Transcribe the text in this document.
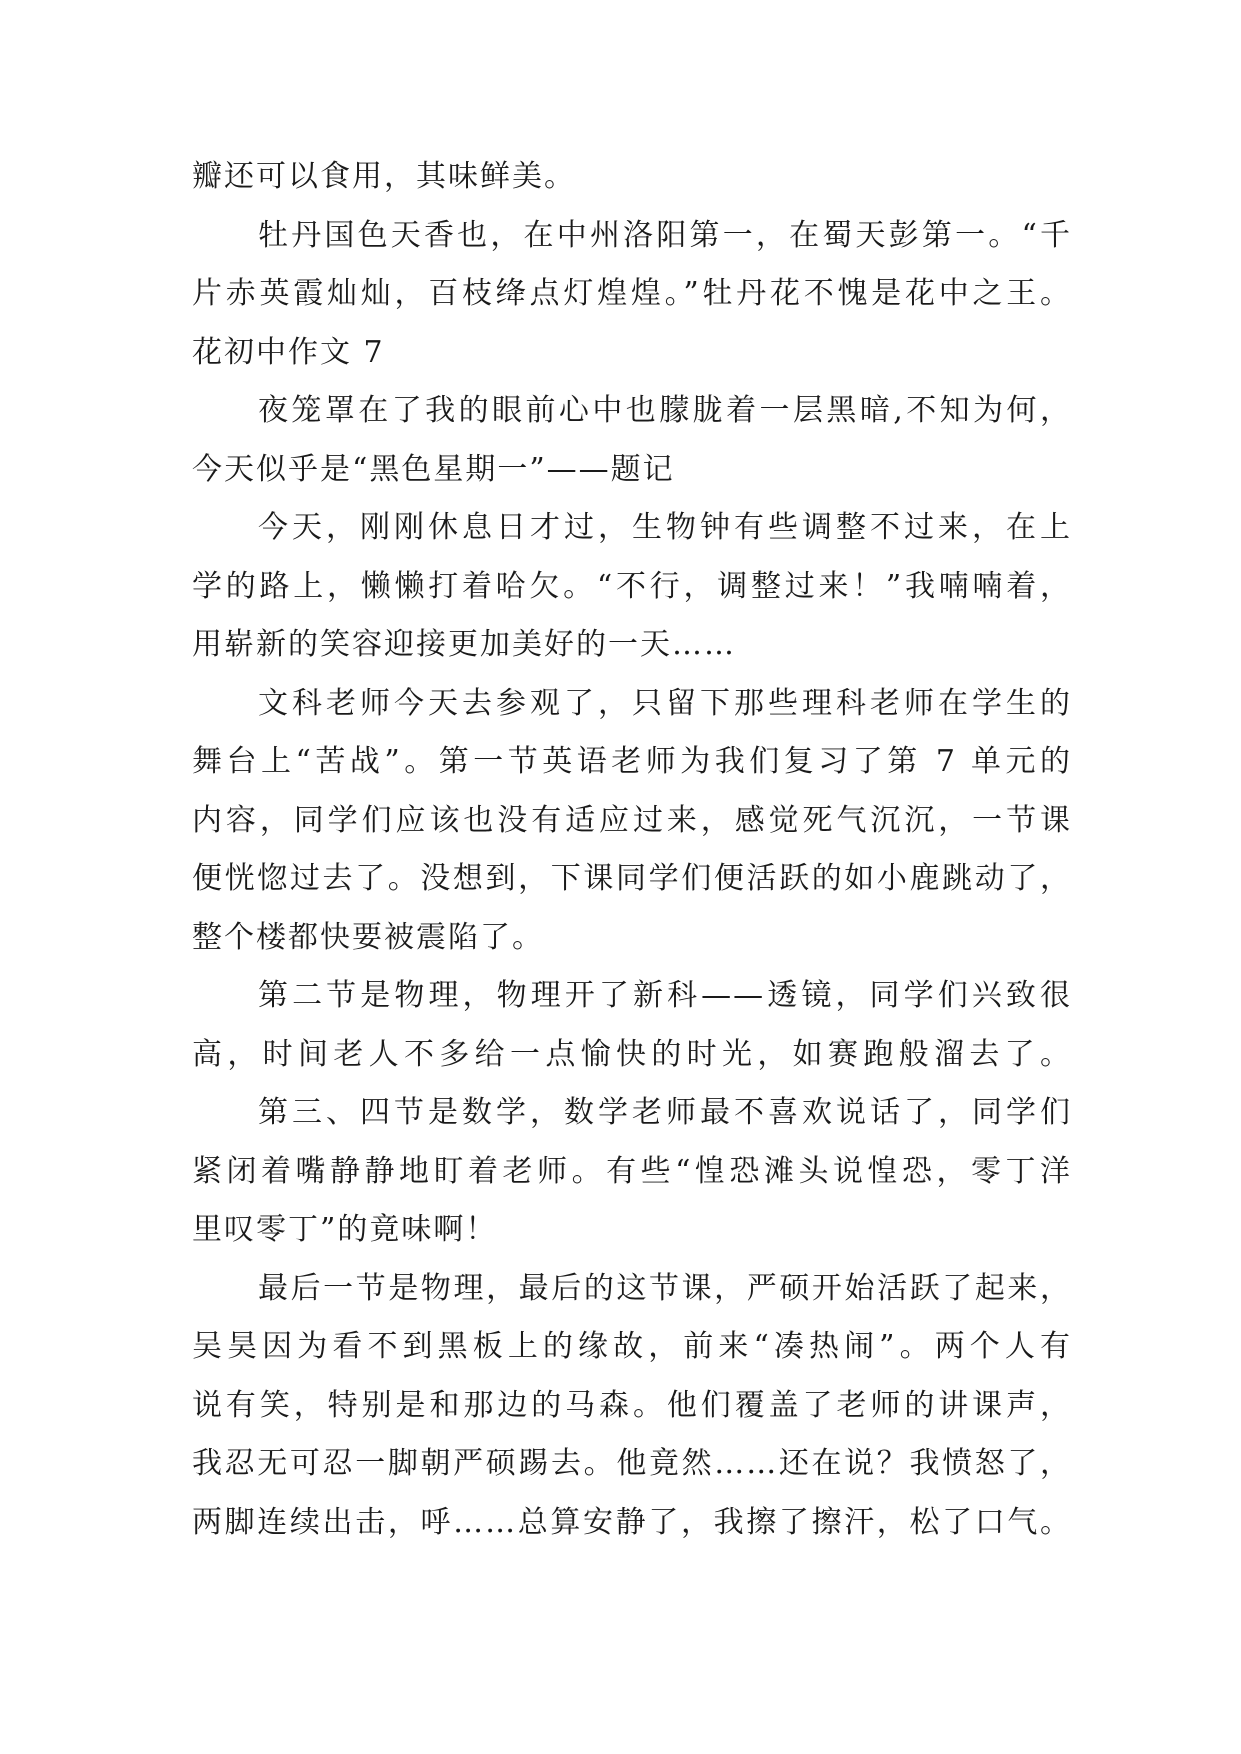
瓣还可以食用，其味鲜美。
牡丹国色天香也，在中州洛阳第一，在蜀天彭第一。“千
片赤英霞灿灿，百枝绛点灯煌煌。”牡丹花不愧是花中之王。
花初中作文 7
夜笼罩在了我的眼前心中也朦胧着一层黑暗,不知为何，
今天似乎是“黑色星期一”——题记
今天，刚刚休息日才过，生物钟有些调整不过来，在上
学的路上，懒懒打着哈欠。“不行，调整过来！”我喃喃着，
用崭新的笑容迎接更加美好的一天……
文科老师今天去参观了，只留下那些理科老师在学生的
舞台上“苦战”。第一节英语老师为我们复习了第 7 单元的
内容，同学们应该也没有适应过来，感觉死气沉沉，一节课
便恍惚过去了。没想到，下课同学们便活跃的如小鹿跳动了，
整个楼都快要被震陷了。
第二节是物理，物理开了新科——透镜，同学们兴致很
高，时间老人不多给一点愉快的时光，如赛跑般溜去了。
第三、四节是数学，数学老师最不喜欢说话了，同学们
紧闭着嘴静静地盯着老师。有些“惶恐滩头说惶恐，零丁洋
里叹零丁”的竟味啊！
最后一节是物理，最后的这节课，严硕开始活跃了起来，
吴昊因为看不到黑板上的缘故，前来“凑热闹”。两个人有
说有笑，特别是和那边的马森。他们覆盖了老师的讲课声，
我忍无可忍一脚朝严硕踢去。他竟然……还在说？我愤怒了，
两脚连续出击，呼……总算安静了，我擦了擦汗，松了口气。
